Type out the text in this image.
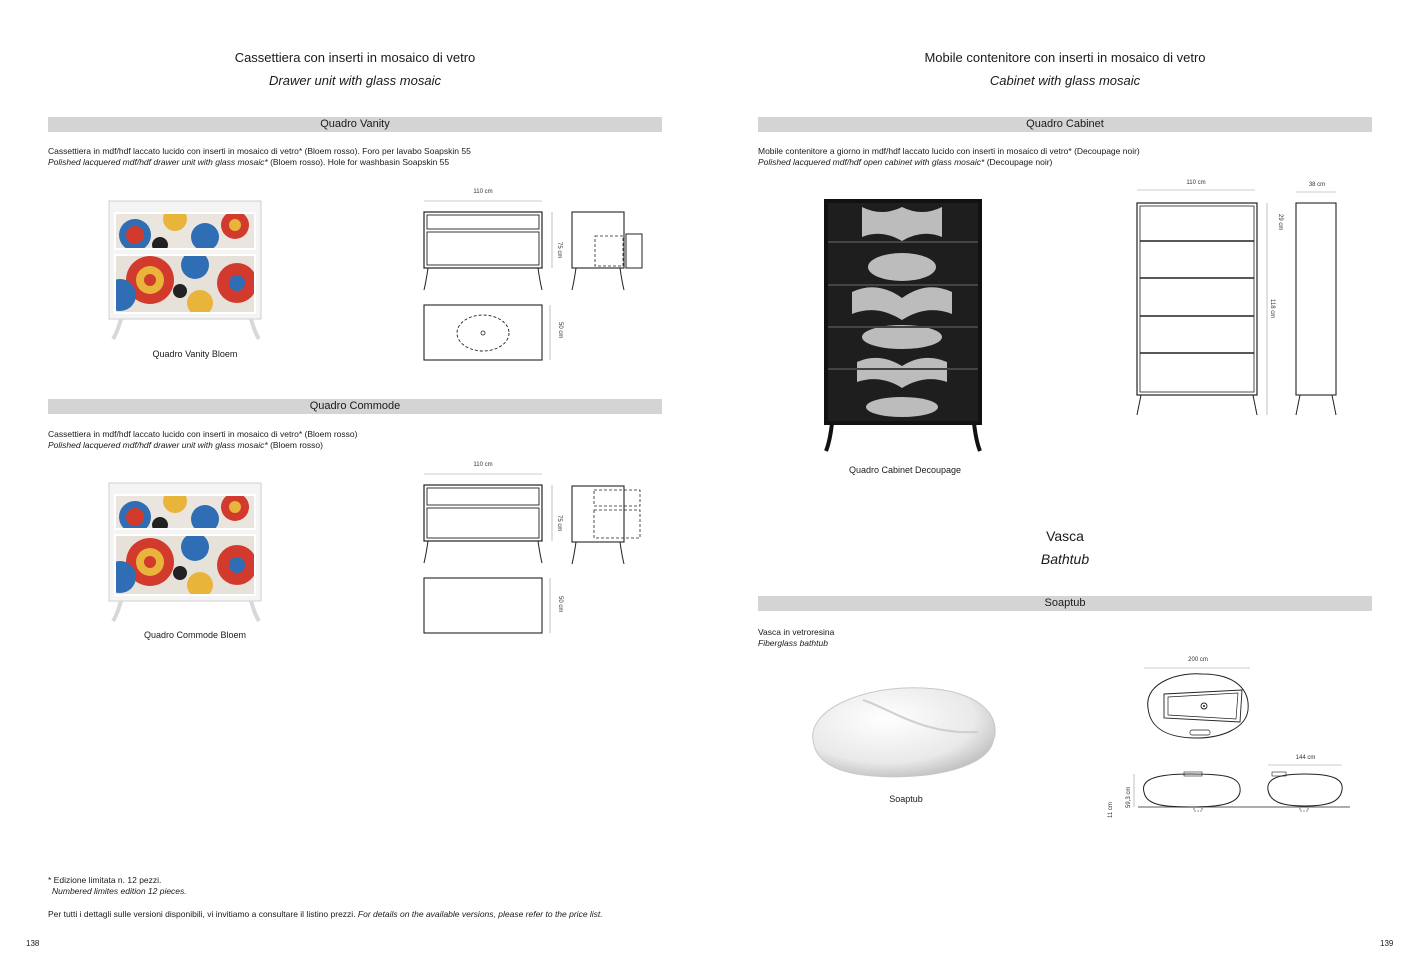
Cassettiera con inserti in mosaico di vetro
Drawer unit with glass mosaic
Quadro Vanity
Cassettiera in mdf/hdf laccato lucido con inserti in mosaico di vetro* (Bloem rosso). Foro per lavabo Soapskin 55
Polished lacquered mdf/hdf drawer unit with glass mosaic* (Bloem rosso). Hole for washbasin Soapskin 55
Quadro Vanity Bloem
110 cm
75 cm
50 cm
Quadro Commode
Cassettiera in mdf/hdf laccato lucido con inserti in mosaico di vetro* (Bloem rosso)
Polished lacquered mdf/hdf drawer unit with glass mosaic* (Bloem rosso)
Quadro Commode Bloem
110 cm
75 cm
50 cm
* Edizione limitata n. 12 pezzi.
Numbered limites edition 12 pieces.
Per tutti i dettagli sulle versioni disponibili, vi invitiamo a consultare il listino prezzi. For details on the available versions, please refer to the price list.
138
Mobile contenitore con inserti in mosaico di vetro
Cabinet with glass mosaic
Quadro Cabinet
Mobile contenitore a giorno in mdf/hdf laccato lucido con inserti in mosaico di vetro* (Decoupage noir)
Polished lacquered mdf/hdf open cabinet with glass mosaic* (Decoupage noir)
Quadro Cabinet Decoupage
110 cm
29 cm
118 cm
38 cm
Vasca
Bathtub
Soaptub
Vasca in vetroresina
Fiberglass bathtub
Soaptub
200 cm
144 cm
59,3 cm
11 cm
139
